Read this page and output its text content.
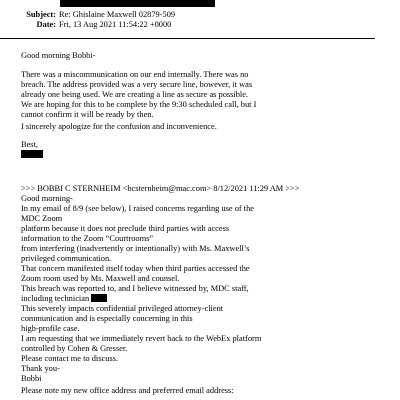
Subject: Re: Ghislaine Maxwell 02879-509
Date: Fri, 13 Aug 2021 11:54:22 +0000
Good morning Bobbi-
There was a miscommunication on our end internally. There was no
breach. The address provided was a very secure line, however, it was
already one being used. We are creating a line as secure as possible.
We are hoping for this to be complete by the 9:30 scheduled call, but I
cannot confirm it will be ready by then.
I sincerely apologize for the confusion and inconvenience.
Best,
>>> BOBBI C STERNHEIM <bcsternheim@mac.com> 8/12/2021 11:29 AM >>>
Good morning-
In my email of 8/9 (see below), I raised concerns regarding use of the
MDC Zoom
platform because it does not preclude third parties with access
information to the Zoom “Courtrooms”
from interfering (inadvertently or intentionally) with Ms. Maxwell’s
privileged communication.
That concern manifested itself today when third parties accessed the
Zoom room used by Ms. Maxwell and counsel.
This breach was reported to, and I believe witnessed by, MDC staff,
including technician
This severely impacts confidential privileged attorney-client
communication and is especially concerning in this
high-profile case.
I am requesting that we immediately revert back to the WebEx platform
controlled by Cohen & Gresser.
Please contact me to discuss.
Thank you-
Bobbi
Please note my new office address and preferred email address:
